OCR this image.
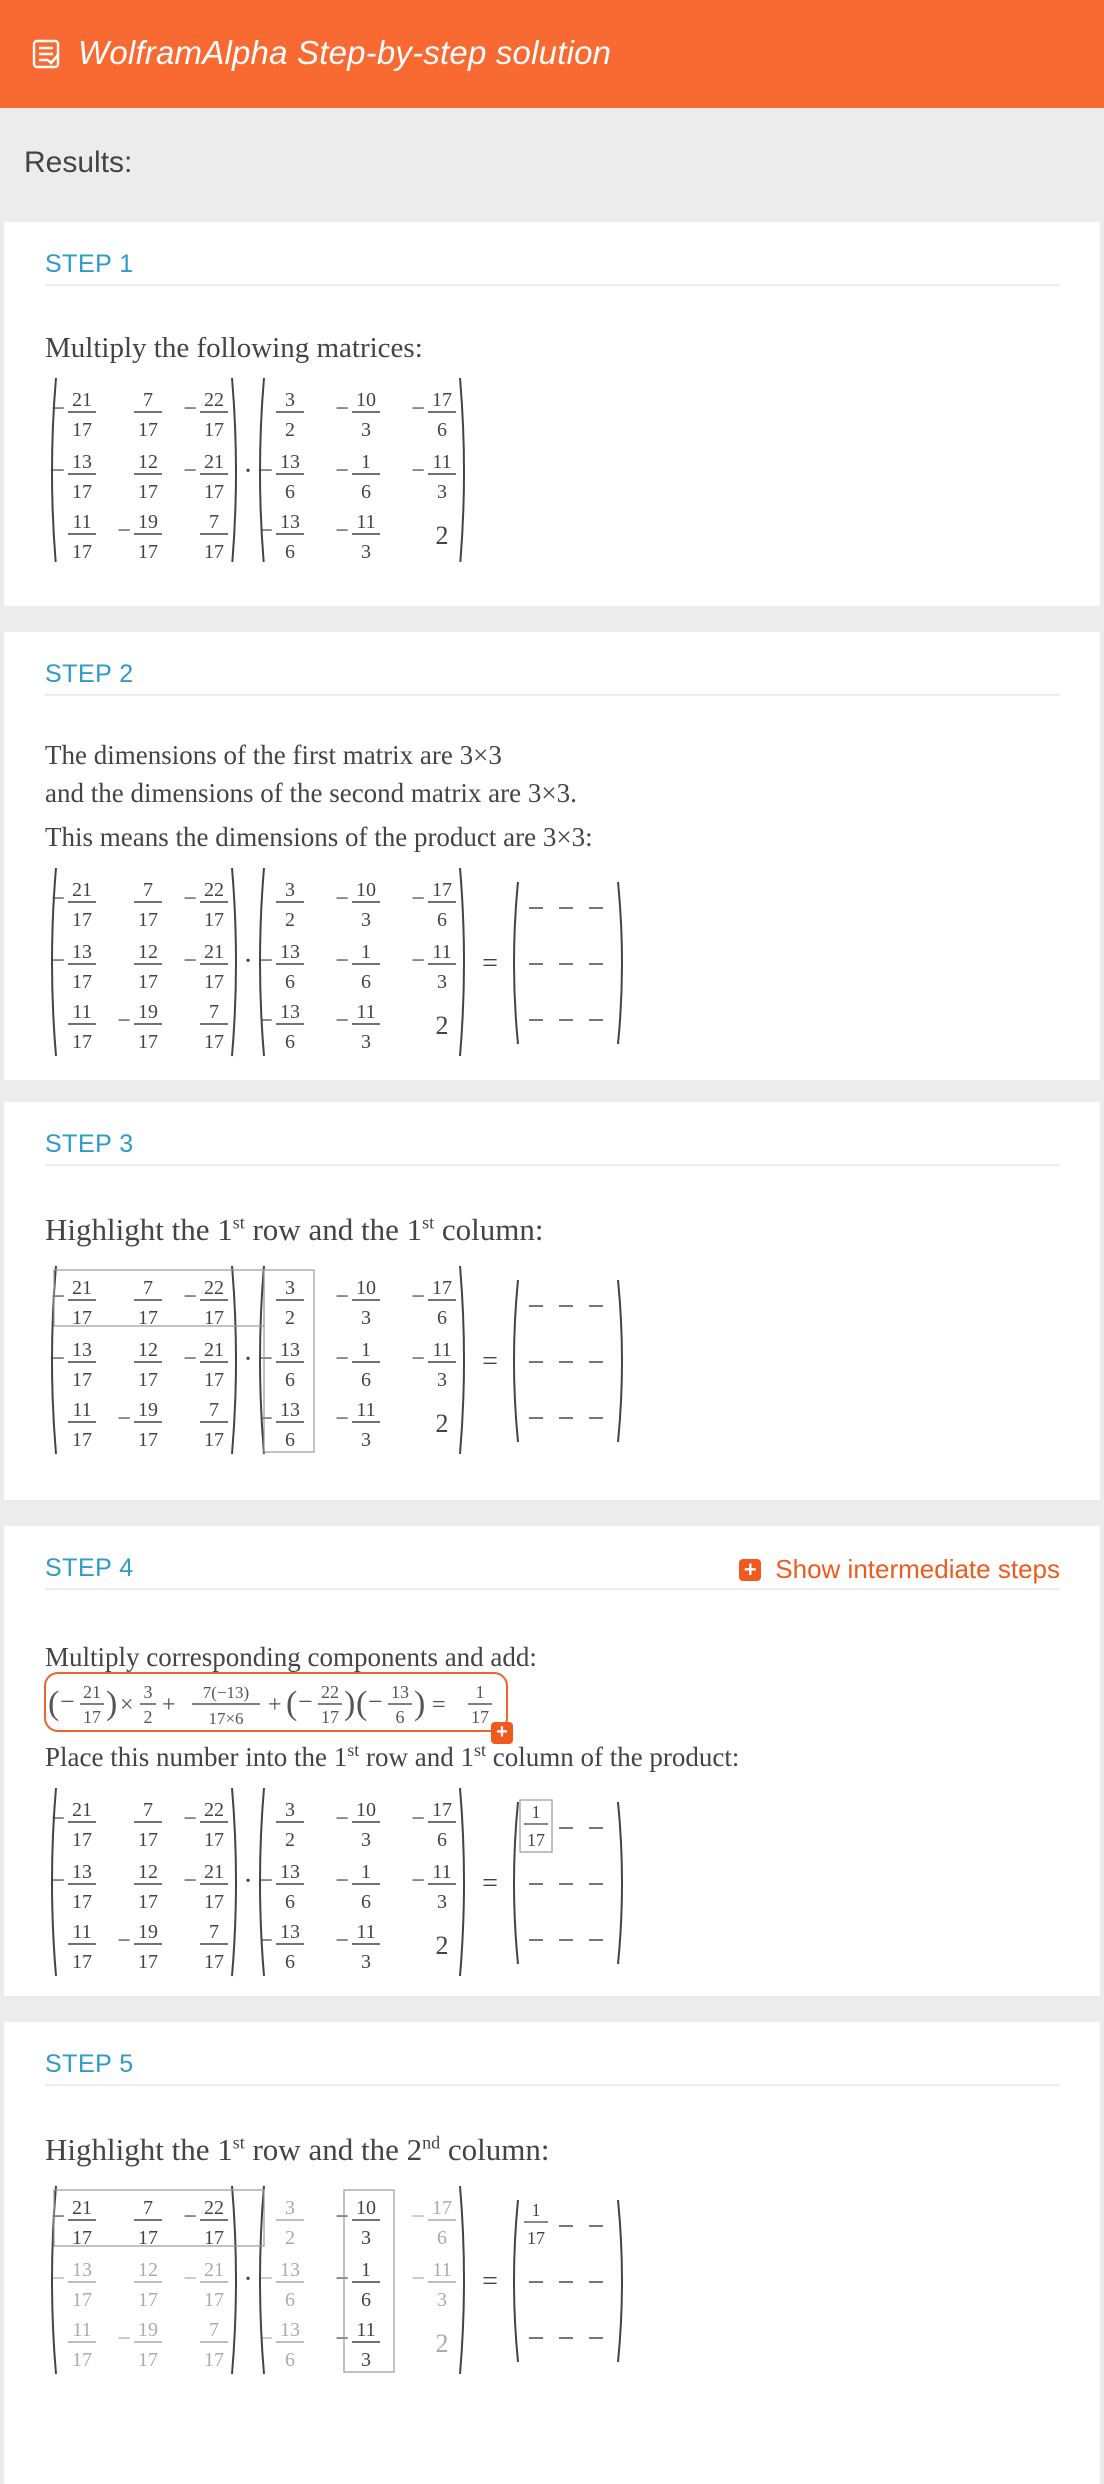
WolframAlpha Step-by-step solution
Results:
STEP 1
Multiply the following matrices:
− 21
17
7
17
− 22
17
− 13
17
12
17
− 21
17
11
17
− 19
17
7
17
·
3
2
− 10
3
− 17
6
− 13
6
− 1
6
− 11
3
− 13
6
− 11
3
2
STEP 2
The dimensions of the first matrix are 3×3
and the dimensions of the second matrix are 3×3.
This means the dimensions of the product are 3×3:
− 21
17
7
17
− 22
17
− 13
17
12
17
− 21
17
11
17
− 19
17
7
17
·
3
2
− 10
3
− 17
6
− 13
6
− 1
6
− 11
3
− 13
6
− 11
3
2
=
STEP 3
Highlight the 1st row and the 1st column:
− 21
17
7
17
− 22
17
− 13
17
12
17
− 21
17
11
17
− 19
17
7
17
·
3
2
− 10
3
− 17
6
− 13
6
− 1
6
− 11
3
− 13
6
− 11
3
2
=
STEP 4	+ Show intermediate steps
Multiply corresponding components and add:
+
( − 21
17 ) × 3
2 + 7(−13)
17×6
+ ( − 22
17 ) ( − 13
6 ) = 1
17
Place this number into the 1st row and 1st column of the product:
− 21
17
7
17
− 22
17
− 13
17
12
17
− 21
17
11
17
− 19
17
7
17
·
3
2
− 10
3
− 17
6
− 13
6
− 1
6
− 11
3
− 13
6
− 11
3
2
=
1
17
STEP 5
Highlight the 1st row and the 2nd column:
− 21
17
7
17
− 22
17
− 13
17
12
17
− 21
17
11
17
− 19
17
7
17
·
3
2
− 10
3
− 17
6
− 13
6
− 1
6
− 11
3
− 13
6
− 11
3
2
=
1
17
